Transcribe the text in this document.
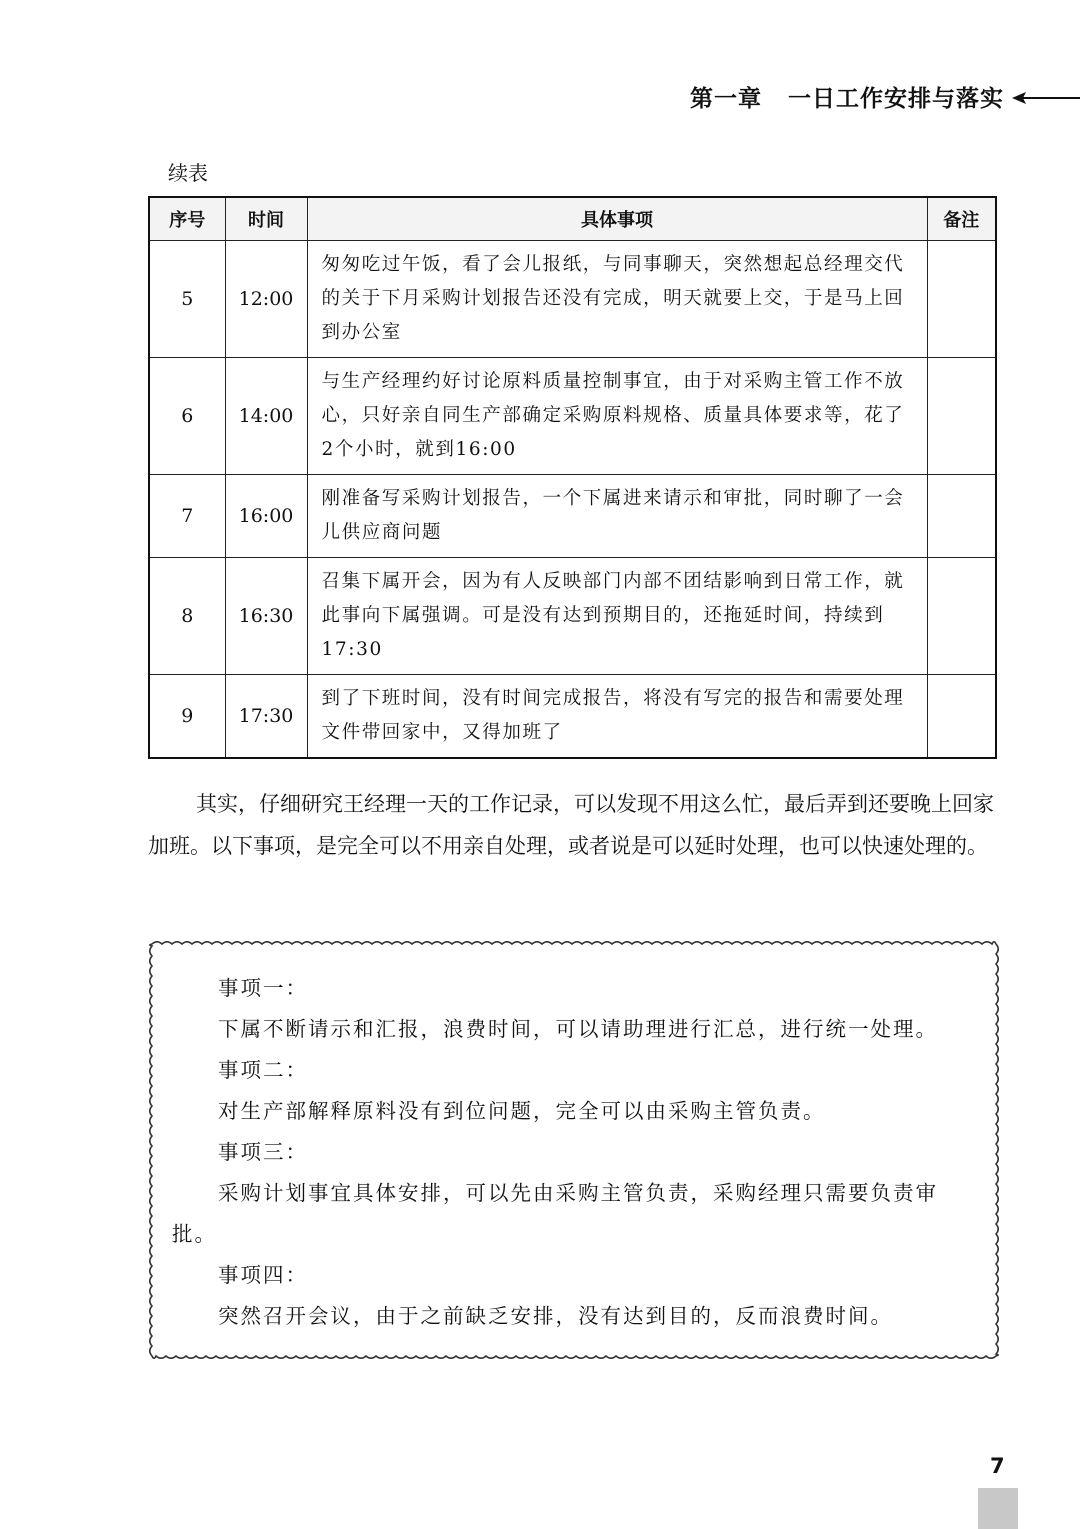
第一章 一日工作安排与落实
续表
序号	时间	具体事项	备注
5	12:00	匆匆吃过午饭，看了会儿报纸，与同事聊天，突然想起总经理交代的关于下月采购计划报告还没有完成，明天就要上交，于是马上回到办公室	
6	14:00	与生产经理约好讨论原料质量控制事宜，由于对采购主管工作不放心，只好亲自同生产部确定采购原料规格、质量具体要求等，花了2个小时，就到16:00	
7	16:00	刚准备写采购计划报告，一个下属进来请示和审批，同时聊了一会儿供应商问题	
8	16:30	召集下属开会，因为有人反映部门内部不团结影响到日常工作，就此事向下属强调。可是没有达到预期目的，还拖延时间，持续到17:30	
9	17:30	到了下班时间，没有时间完成报告，将没有写完的报告和需要处理文件带回家中，又得加班了	
其实，仔细研究王经理一天的工作记录，可以发现不用这么忙，最后弄到还要晚上回家加班。以下事项，是完全可以不用亲自处理，或者说是可以延时处理，也可以快速处理的。
事项一：
下属不断请示和汇报，浪费时间，可以请助理进行汇总，进行统一处理。
事项二：
对生产部解释原料没有到位问题，完全可以由采购主管负责。
事项三：
采购计划事宜具体安排，可以先由采购主管负责，采购经理只需要负责审批。
事项四：
突然召开会议，由于之前缺乏安排，没有达到目的，反而浪费时间。
7
